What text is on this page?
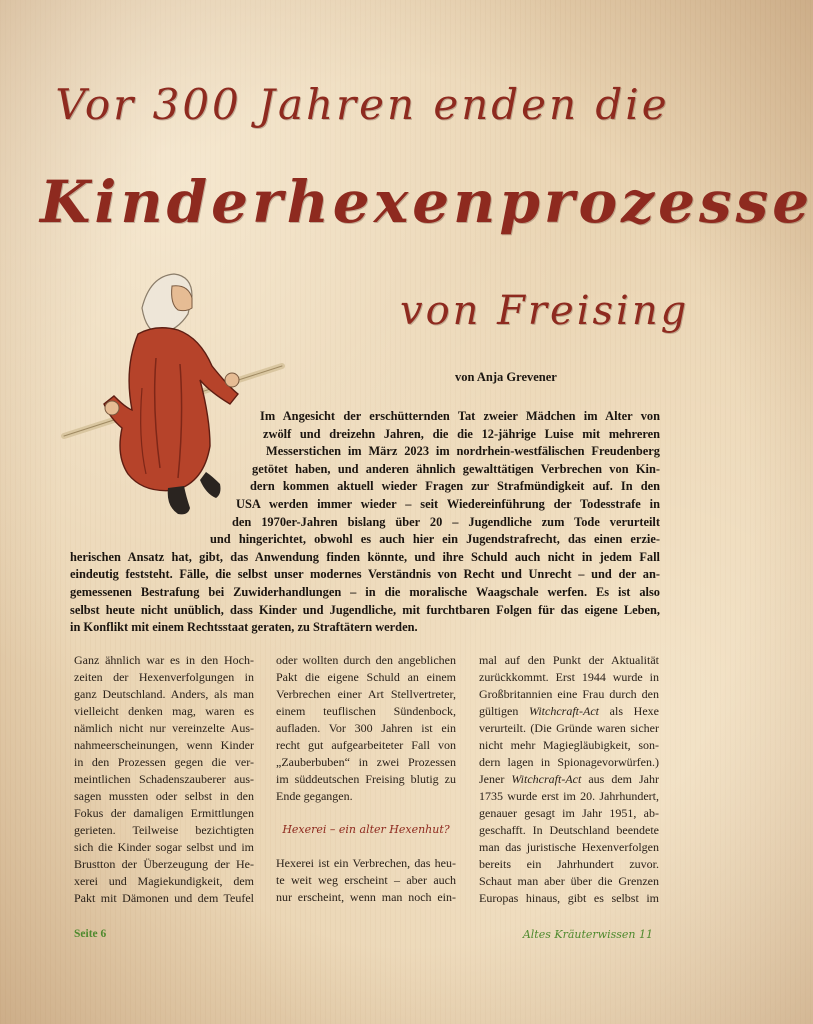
Vor 300 Jahren enden die
Kinderhexenprozesse
von Freising
von Anja Grevener
Im Angesicht der erschütternden Tat zweier Mädchen im Alter von
zwölf und dreizehn Jahren, die die 12-jährige Luise mit mehreren
Messerstichen im März 2023 im nordrhein-westfälischen Freudenberg
getötet haben, und anderen ähnlich gewalttätigen Verbrechen von Kin-
dern kommen aktuell wieder Fragen zur Strafmündigkeit auf. In den
USA werden immer wieder – seit Wiedereinführung der Todesstrafe in
den 1970er-Jahren bislang über 20 – Jugendliche zum Tode verurteilt
und hingerichtet, obwohl es auch hier ein Jugendstrafrecht, das einen erzie-
herischen Ansatz hat, gibt, das Anwendung finden könnte, und ihre Schuld auch nicht in jedem Fall
eindeutig feststeht. Fälle, die selbst unser modernes Verständnis von Recht und Unrecht – und der an-
gemessenen Bestrafung bei Zuwiderhandlungen – in die moralische Waagschale werfen. Es ist also
selbst heute nicht unüblich, dass Kinder und Jugendliche, mit furchtbaren Folgen für das eigene Leben,
in Konflikt mit einem Rechtsstaat geraten, zu Straftätern werden.
Ganz ähnlich war es in den Hoch-
zeiten der Hexenverfolgungen in
ganz Deutschland. Anders, als man
vielleicht denken mag, waren es
nämlich nicht nur vereinzelte Aus-
nahmeerscheinungen, wenn Kinder
in den Prozessen gegen die ver-
meintlichen Schadenszauberer aus-
sagen mussten oder selbst in den
Fokus der damaligen Ermittlungen
gerieten. Teilweise bezichtigten
sich die Kinder sogar selbst und im
Brustton der Überzeugung der He-
xerei und Magiekundigkeit, dem
Pakt mit Dämonen und dem Teufel
oder wollten durch den angeblichen
Pakt die eigene Schuld an einem
Verbrechen einer Art Stellvertreter,
einem teuflischen Sündenbock,
aufladen. Vor 300 Jahren ist ein
recht gut aufgearbeiteter Fall von
„Zauberbuben“ in zwei Prozessen
im süddeutschen Freising blutig zu
Ende gegangen.
Hexerei – ein alter Hexenhut?
Hexerei ist ein Verbrechen, das heu-
te weit weg erscheint – aber auch
nur erscheint, wenn man noch ein-
mal auf den Punkt der Aktualität
zurückkommt. Erst 1944 wurde in
Großbritannien eine Frau durch den
gültigen Witchcraft-Act als Hexe
verurteilt. (Die Gründe waren sicher
nicht mehr Magiegläubigkeit, son-
dern lagen in Spionagevorwürfen.)
Jener Witchcraft-Act aus dem Jahr
1735 wurde erst im 20. Jahrhundert,
genauer gesagt im Jahr 1951, ab-
geschafft. In Deutschland beendete
man das juristische Hexenverfolgen
bereits ein Jahrhundert zuvor.
Schaut man aber über die Grenzen
Europas hinaus, gibt es selbst im
Seite 6	Altes Kräuterwissen 11
